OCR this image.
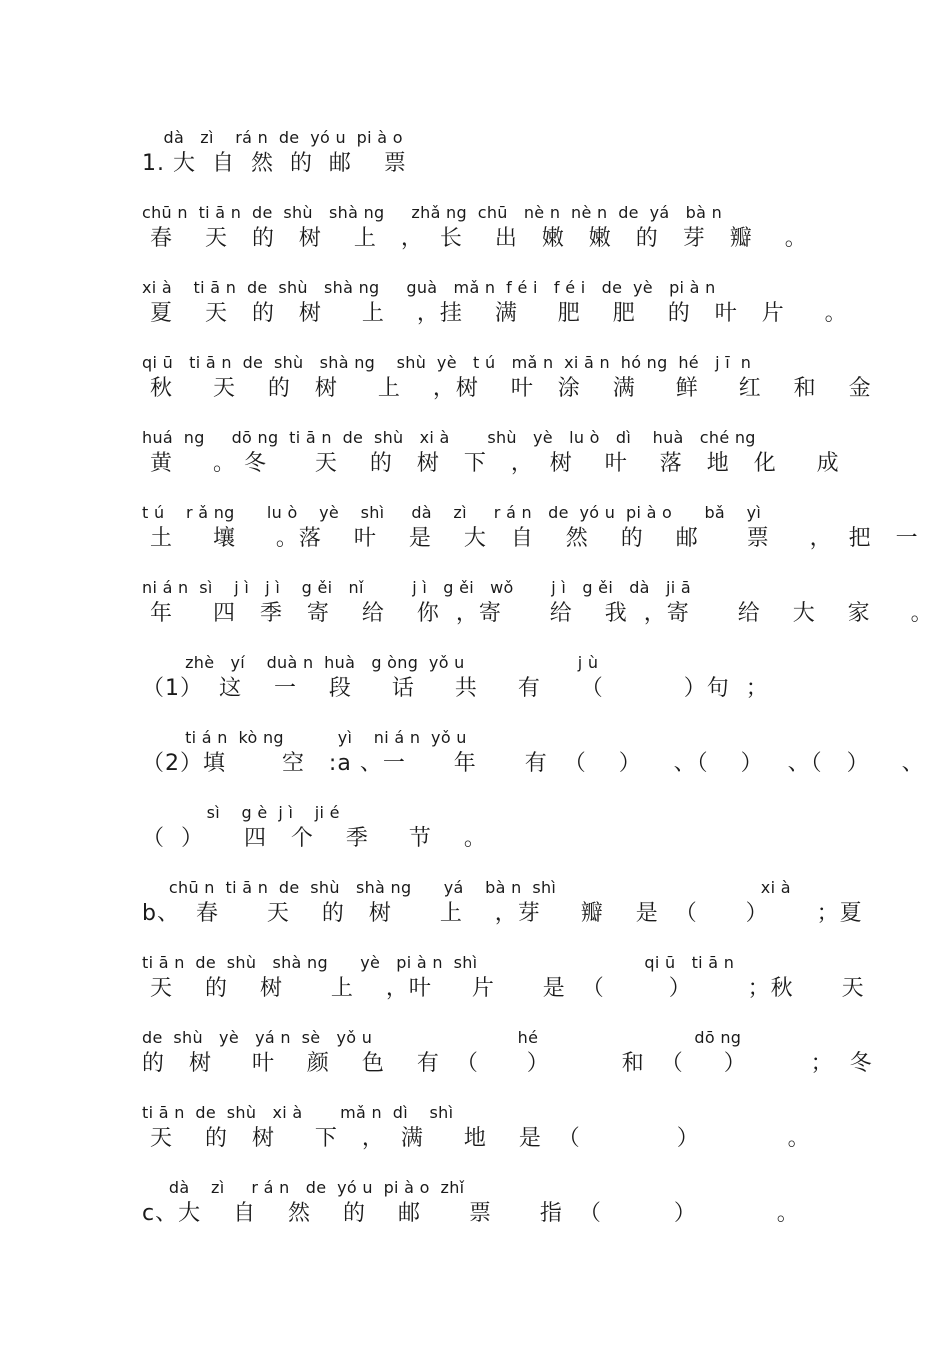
dà   zì    rá n  de  yó u  pi à o
1. 大  自  然  的  邮    票
chū n  ti ā n  de  shù   shà ng     zhǎ ng  chū   nè n  nè n  de  yá   bà n
春    天   的   树    上   ，  长    出   嫩   嫩   的   芽   瓣    。
xi à    ti ā n  de  shù   shà ng     guà   mǎ n  f é i   f é i   de  yè   pi à n
夏    天   的   树     上    ，挂    满     肥    肥    的   叶   片     。
qi ū   ti ā n  de  shù   shà ng    shù  yè   t ú   mǎ n  xi ā n  hó ng  hé   j ī  n
秋     天    的   树     上    ，树    叶   涂    满     鲜     红    和    金
huá  ng     dō ng  ti ā n  de  shù   xi à       shù   yè   lu ò   dì    huà   ché ng
黄     。 冬      天    的   树   下   ，  树    叶    落   地   化     成
t ú    r ǎ ng      lu ò    yè    shì     dà    zì     r á n   de  yó u  pi à o      bǎ    yì
土     壤     。落    叶    是    大   自    然    的    邮      票     ，  把   一
ni á n  sì    j ì   j ì    g ěi   nǐ         j ì   g ěi   wǒ       j ì   g ěi   dà   ji ā
年     四   季   寄    给    你  ，寄      给    我  ，寄      给    大    家     。
zhè   yí    duà n  huà   g òng  yǒ u                     j ù
（1）  这    一    段     话     共     有     （          ）句  ；
ti á n  kò ng          yì    ni á n  yǒ u
（2）填       空   :a 、一      年      有  （    ）    、（    ）   、（   ）    、
sì    g è  j ì    ji é
（  ）     四   个    季     节    。
chū n  ti ā n  de  shù   shà ng      yá    bà n  shì                                      xi à
b、  春      天    的   树      上    ，芽     瓣    是  （      ）      ；夏
ti ā n  de  shù   shà ng      yè   pi à n  shì                               qi ū   ti ā n
天    的    树      上    ，叶     片      是  （        ）       ；秋      天
de  shù   yè   yá n  sè   yǒ u                           hé                             dō ng
的   树     叶    颜    色    有  （      ）         和  （     ）        ；  冬
ti ā n  de  shù   xi à       mǎ n  dì    shì
天    的   树     下   ，  满     地    是  （            ）           。
dà    zì     r á n   de  yó u  pi à o  zhǐ
c、大    自    然    的    邮      票      指  （         ）          。
